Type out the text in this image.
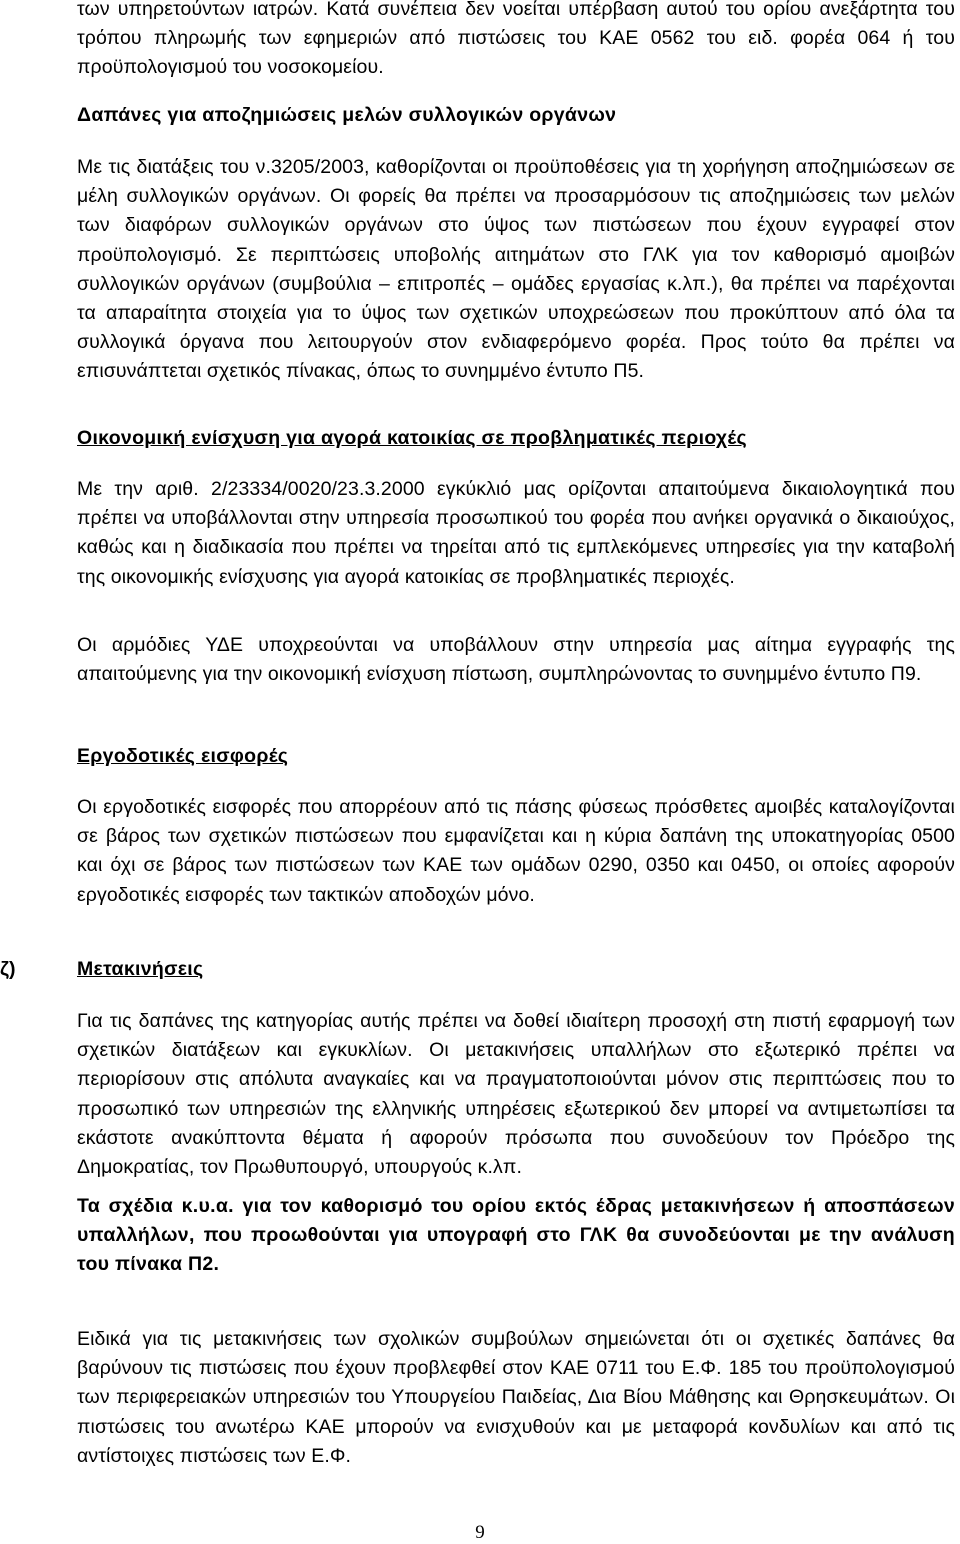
των υπηρετούντων ιατρών. Κατά συνέπεια δεν νοείται υπέρβαση αυτού του ορίου ανεξάρτητα του τρόπου πληρωμής των εφημεριών από πιστώσεις του ΚΑΕ 0562 του ειδ. φορέα 064 ή του προϋπολογισμού του νοσοκομείου.

Δαπάνες για αποζημιώσεις μελών συλλογικών οργάνων

Με τις διατάξεις του ν.3205/2003, καθορίζονται οι προϋποθέσεις για τη χορήγηση αποζημιώσεων σε μέλη συλλογικών οργάνων. Οι φορείς θα πρέπει να προσαρμόσουν τις αποζημιώσεις των μελών των διαφόρων συλλογικών οργάνων στο ύψος των πιστώσεων που έχουν εγγραφεί στον προϋπολογισμό. Σε περιπτώσεις υποβολής αιτημάτων στο ΓΛΚ για τον καθορισμό αμοιβών συλλογικών οργάνων (συμβούλια – επιτροπές – ομάδες εργασίας κ.λπ.), θα πρέπει να παρέχονται τα απαραίτητα στοιχεία για το ύψος των σχετικών υποχρεώσεων που προκύπτουν από όλα τα συλλογικά όργανα που λειτουργούν στον ενδιαφερόμενο φορέα. Προς τούτο θα πρέπει να επισυνάπτεται σχετικός πίνακας, όπως το συνημμένο έντυπο Π5.

Οικονομική ενίσχυση για αγορά κατοικίας σε προβληματικές περιοχές

Με την αριθ. 2/23334/0020/23.3.2000 εγκύκλιό μας ορίζονται απαιτούμενα δικαιολογητικά που πρέπει να υποβάλλονται στην υπηρεσία προσωπικού του φορέα που ανήκει οργανικά ο δικαιούχος, καθώς και η διαδικασία που πρέπει να τηρείται από τις εμπλεκόμενες υπηρεσίες για την καταβολή της οικονομικής ενίσχυσης για αγορά κατοικίας σε προβληματικές περιοχές.

Οι αρμόδιες ΥΔΕ υποχρεούνται να υποβάλλουν στην υπηρεσία μας αίτημα εγγραφής της απαιτούμενης για την οικονομική ενίσχυση πίστωση, συμπληρώνοντας το συνημμένο έντυπο Π9.

Εργοδοτικές εισφορές

Οι εργοδοτικές εισφορές που απορρέουν από τις πάσης φύσεως πρόσθετες αμοιβές καταλογίζονται σε βάρος των σχετικών πιστώσεων που εμφανίζεται και η κύρια δαπάνη της υποκατηγορίας 0500 και όχι σε βάρος των πιστώσεων των ΚΑΕ των ομάδων 0290, 0350 και 0450, οι οποίες αφορούν εργοδοτικές εισφορές των τακτικών αποδοχών μόνο.

ζ)	Μετακινήσεις

Για τις δαπάνες της κατηγορίας αυτής πρέπει να δοθεί ιδιαίτερη προσοχή στη πιστή εφαρμογή των σχετικών διατάξεων και εγκυκλίων. Οι μετακινήσεις υπαλλήλων στο εξωτερικό πρέπει να περιορίσουν στις απόλυτα αναγκαίες και να πραγματοποιούνται μόνον στις περιπτώσεις που το προσωπικό των υπηρεσιών της ελληνικής υπηρέσεις εξωτερικού δεν μπορεί να αντιμετωπίσει τα εκάστοτε ανακύπτοντα θέματα ή αφορούν πρόσωπα που συνοδεύουν τον Πρόεδρο της Δημοκρατίας, τον Πρωθυπουργό, υπουργούς κ.λπ.

Τα σχέδια κ.υ.α. για τον καθορισμό του ορίου εκτός έδρας μετακινήσεων ή αποσπάσεων υπαλλήλων, που προωθούνται για υπογραφή στο ΓΛΚ θα συνοδεύονται με την ανάλυση του πίνακα Π2.

Ειδικά για τις μετακινήσεις των σχολικών συμβούλων σημειώνεται ότι οι σχετικές δαπάνες θα βαρύνουν τις πιστώσεις που έχουν προβλεφθεί στον ΚΑΕ 0711 του Ε.Φ. 185 του προϋπολογισμού των περιφερειακών υπηρεσιών του Υπουργείου Παιδείας, Δια Βίου Μάθησης και Θρησκευμάτων. Οι πιστώσεις του ανωτέρω ΚΑΕ μπορούν να ενισχυθούν και με μεταφορά κονδυλίων και από τις αντίστοιχες πιστώσεις των Ε.Φ.

9
